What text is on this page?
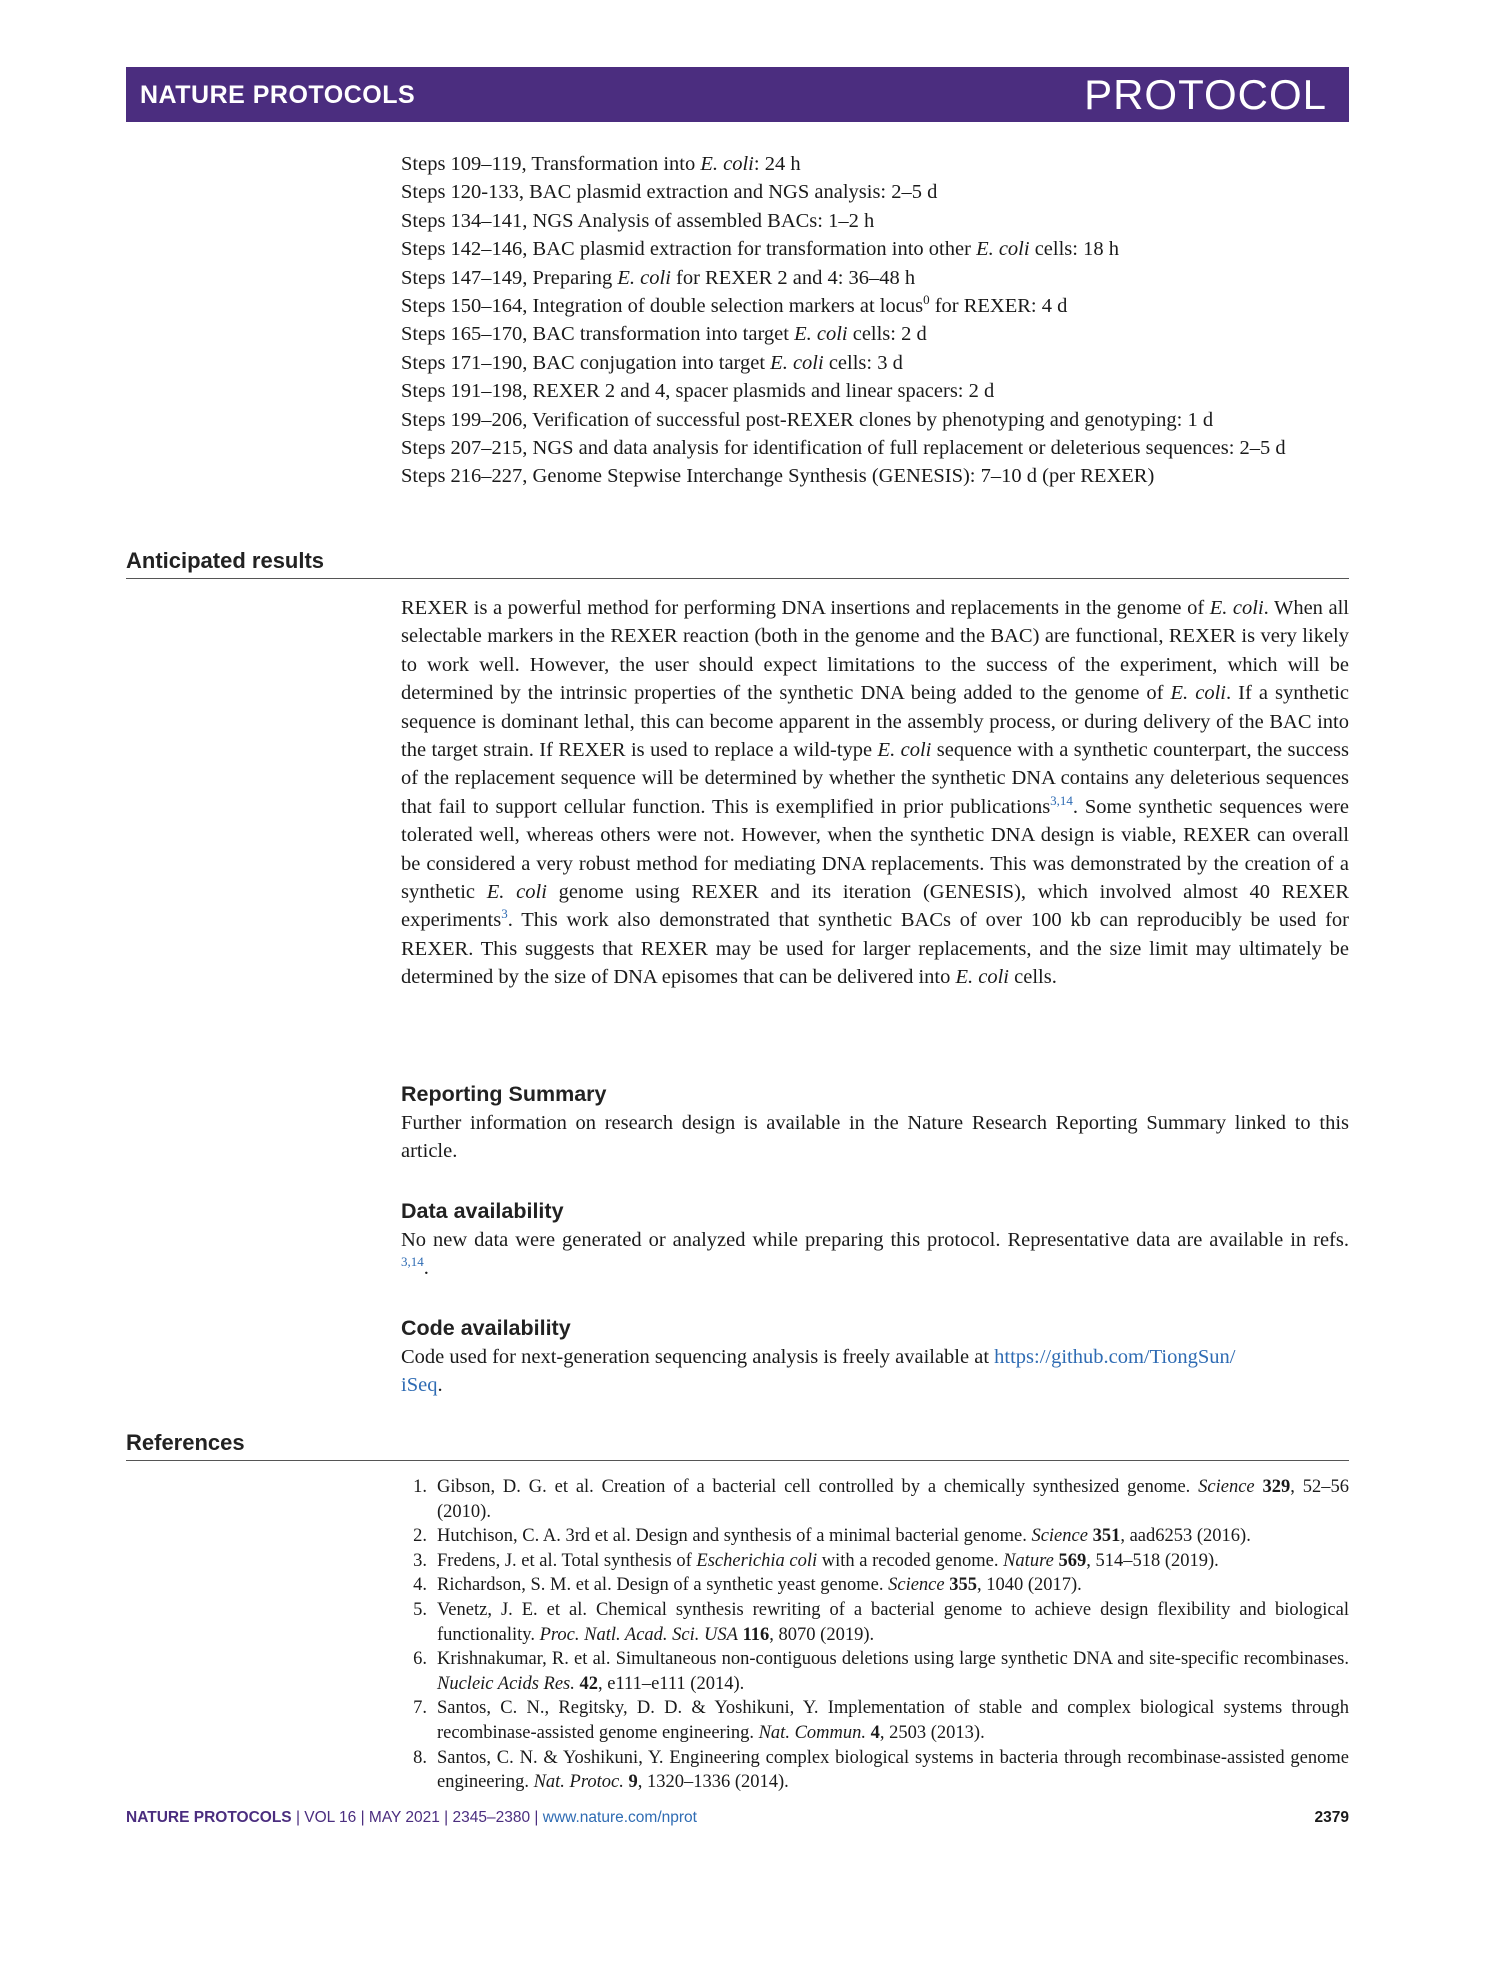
NATURE PROTOCOLS	PROTOCOL
Steps 109–119, Transformation into E. coli: 24 h
Steps 120-133, BAC plasmid extraction and NGS analysis: 2–5 d
Steps 134–141, NGS Analysis of assembled BACs: 1–2 h
Steps 142–146, BAC plasmid extraction for transformation into other E. coli cells: 18 h
Steps 147–149, Preparing E. coli for REXER 2 and 4: 36–48 h
Steps 150–164, Integration of double selection markers at locus$^0$ for REXER: 4 d
Steps 165–170, BAC transformation into target E. coli cells: 2 d
Steps 171–190, BAC conjugation into target E. coli cells: 3 d
Steps 191–198, REXER 2 and 4, spacer plasmids and linear spacers: 2 d
Steps 199–206, Verification of successful post-REXER clones by phenotyping and genotyping: 1 d
Steps 207–215, NGS and data analysis for identification of full replacement or deleterious sequences: 2–5 d
Steps 216–227, Genome Stepwise Interchange Synthesis (GENESIS): 7–10 d (per REXER)
Anticipated results
REXER is a powerful method for performing DNA insertions and replacements in the genome of E. coli. When all selectable markers in the REXER reaction (both in the genome and the BAC) are functional, REXER is very likely to work well. However, the user should expect limitations to the success of the experiment, which will be determined by the intrinsic properties of the synthetic DNA being added to the genome of E. coli. If a synthetic sequence is dominant lethal, this can become apparent in the assembly process, or during delivery of the BAC into the target strain. If REXER is used to replace a wild-type E. coli sequence with a synthetic counterpart, the success of the replacement sequence will be determined by whether the synthetic DNA contains any deleterious sequences that fail to support cellular function. This is exemplified in prior publications$^{3,14}$. Some synthetic sequences were tolerated well, whereas others were not. However, when the synthetic DNA design is viable, REXER can overall be considered a very robust method for mediating DNA replacements. This was demonstrated by the creation of a synthetic E. coli genome using REXER and its iteration (GENESIS), which involved almost 40 REXER experiments$^3$. This work also demonstrated that synthetic BACs of over 100 kb can reproducibly be used for REXER. This suggests that REXER may be used for larger replacements, and the size limit may ultimately be determined by the size of DNA episomes that can be delivered into E. coli cells.
Reporting Summary
Further information on research design is available in the Nature Research Reporting Summary linked to this article.
Data availability
No new data were generated or analyzed while preparing this protocol. Representative data are available in refs. $^{3,14}$.
Code availability
Code used for next-generation sequencing analysis is freely available at https://github.com/TiongSun/
iSeq.
References
1. Gibson, D. G. et al. Creation of a bacterial cell controlled by a chemically synthesized genome. Science 329, 52–56 (2010).
2. Hutchison, C. A. 3rd et al. Design and synthesis of a minimal bacterial genome. Science 351, aad6253 (2016).
3. Fredens, J. et al. Total synthesis of Escherichia coli with a recoded genome. Nature 569, 514–518 (2019).
4. Richardson, S. M. et al. Design of a synthetic yeast genome. Science 355, 1040 (2017).
5. Venetz, J. E. et al. Chemical synthesis rewriting of a bacterial genome to achieve design flexibility and biological functionality. Proc. Natl. Acad. Sci. USA 116, 8070 (2019).
6. Krishnakumar, R. et al. Simultaneous non-contiguous deletions using large synthetic DNA and site-specific recombinases. Nucleic Acids Res. 42, e111–e111 (2014).
7. Santos, C. N., Regitsky, D. D. & Yoshikuni, Y. Implementation of stable and complex biological systems through recombinase-assisted genome engineering. Nat. Commun. 4, 2503 (2013).
8. Santos, C. N. & Yoshikuni, Y. Engineering complex biological systems in bacteria through recombinase-assisted genome engineering. Nat. Protoc. 9, 1320–1336 (2014).
NATURE PROTOCOLS | VOL 16 | MAY 2021 | 2345–2380 | www.nature.com/nprot	2379
